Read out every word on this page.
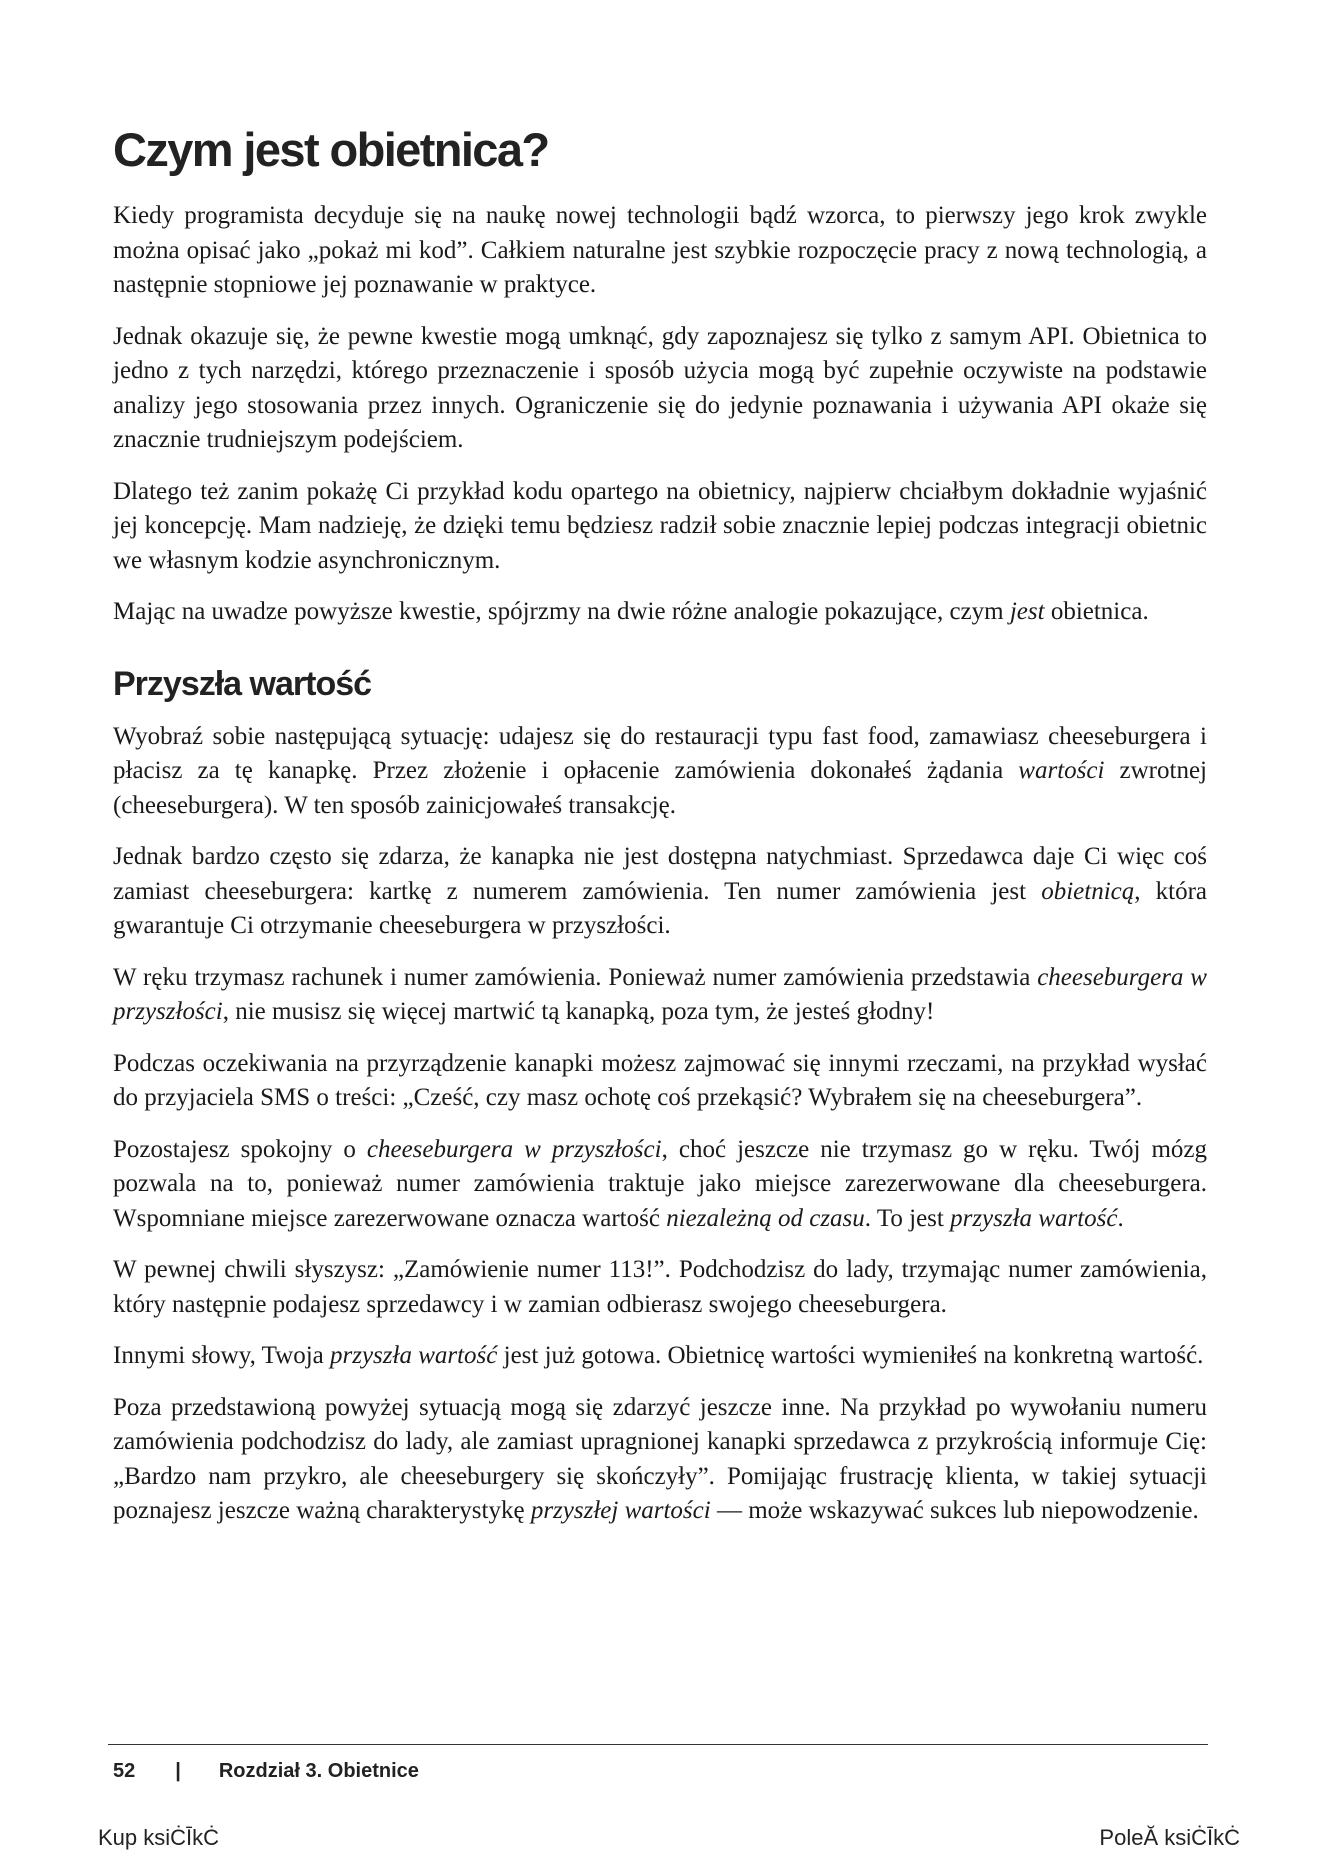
Czym jest obietnica?

Kiedy programista decyduje się na naukę nowej technologii bądź wzorca, to pierwszy jego krok zwykle można opisać jako „pokaż mi kod”. Całkiem naturalne jest szybkie rozpoczęcie pracy z nową technologią, a następnie stopniowe jej poznawanie w praktyce.

Jednak okazuje się, że pewne kwestie mogą umknąć, gdy zapoznajesz się tylko z samym API. Obietnica to jedno z tych narzędzi, którego przeznaczenie i sposób użycia mogą być zupełnie oczywiste na podstawie analizy jego stosowania przez innych. Ograniczenie się do jedynie poznawania i używania API okaże się znacznie trudniejszym podejściem.

Dlatego też zanim pokażę Ci przykład kodu opartego na obietnicy, najpierw chciałbym dokładnie wyjaśnić jej koncepcję. Mam nadzieję, że dzięki temu będziesz radził sobie znacznie lepiej podczas integracji obietnic we własnym kodzie asynchronicznym.

Mając na uwadze powyższe kwestie, spójrzmy na dwie różne analogie pokazujące, czym jest obietnica.

Przyszła wartość

Wyobraź sobie następującą sytuację: udajesz się do restauracji typu fast food, zamawiasz cheeseburgera i płacisz za tę kanapkę. Przez złożenie i opłacenie zamówienia dokonałeś żądania wartości zwrotnej (cheeseburgera). W ten sposób zainicjowałeś transakcję.

Jednak bardzo często się zdarza, że kanapka nie jest dostępna natychmiast. Sprzedawca daje Ci więc coś zamiast cheeseburgera: kartkę z numerem zamówienia. Ten numer zamówienia jest obietnicą, która gwarantuje Ci otrzymanie cheeseburgera w przyszłości.

W ręku trzymasz rachunek i numer zamówienia. Ponieważ numer zamówienia przedstawia cheeseburgera w przyszłości, nie musisz się więcej martwić tą kanapką, poza tym, że jesteś głodny!

Podczas oczekiwania na przyrządzenie kanapki możesz zajmować się innymi rzeczami, na przykład wysłać do przyjaciela SMS o treści: „Cześć, czy masz ochotę coś przekąsić? Wybrałem się na cheeseburgera”.

Pozostajesz spokojny o cheeseburgera w przyszłości, choć jeszcze nie trzymasz go w ręku. Twój mózg pozwala na to, ponieważ numer zamówienia traktuje jako miejsce zarezerwowane dla cheeseburgera. Wspomniane miejsce zarezerwowane oznacza wartość niezależną od czasu. To jest przyszła wartość.

W pewnej chwili słyszysz: „Zamówienie numer 113!”. Podchodzisz do lady, trzymając numer zamówienia, który następnie podajesz sprzedawcy i w zamian odbierasz swojego cheeseburgera.

Innymi słowy, Twoja przyszła wartość jest już gotowa. Obietnicę wartości wymieniłeś na konkretną wartość.

Poza przedstawioną powyżej sytuacją mogą się zdarzyć jeszcze inne. Na przykład po wywołaniu numeru zamówienia podchodzisz do lady, ale zamiast upragnionej kanapki sprzedawca z przykrością informuje Cię: „Bardzo nam przykro, ale cheeseburgery się skończyły”. Pomijając frustrację klienta, w takiej sytuacji poznajesz jeszcze ważną charakterystykę przyszłej wartości — może wskazywać sukces lub niepowodzenie.

52 | Rozdział 3. Obietnice
Kup ksiĊĪkĊ	PoleĂ ksiĊĪkĊ
